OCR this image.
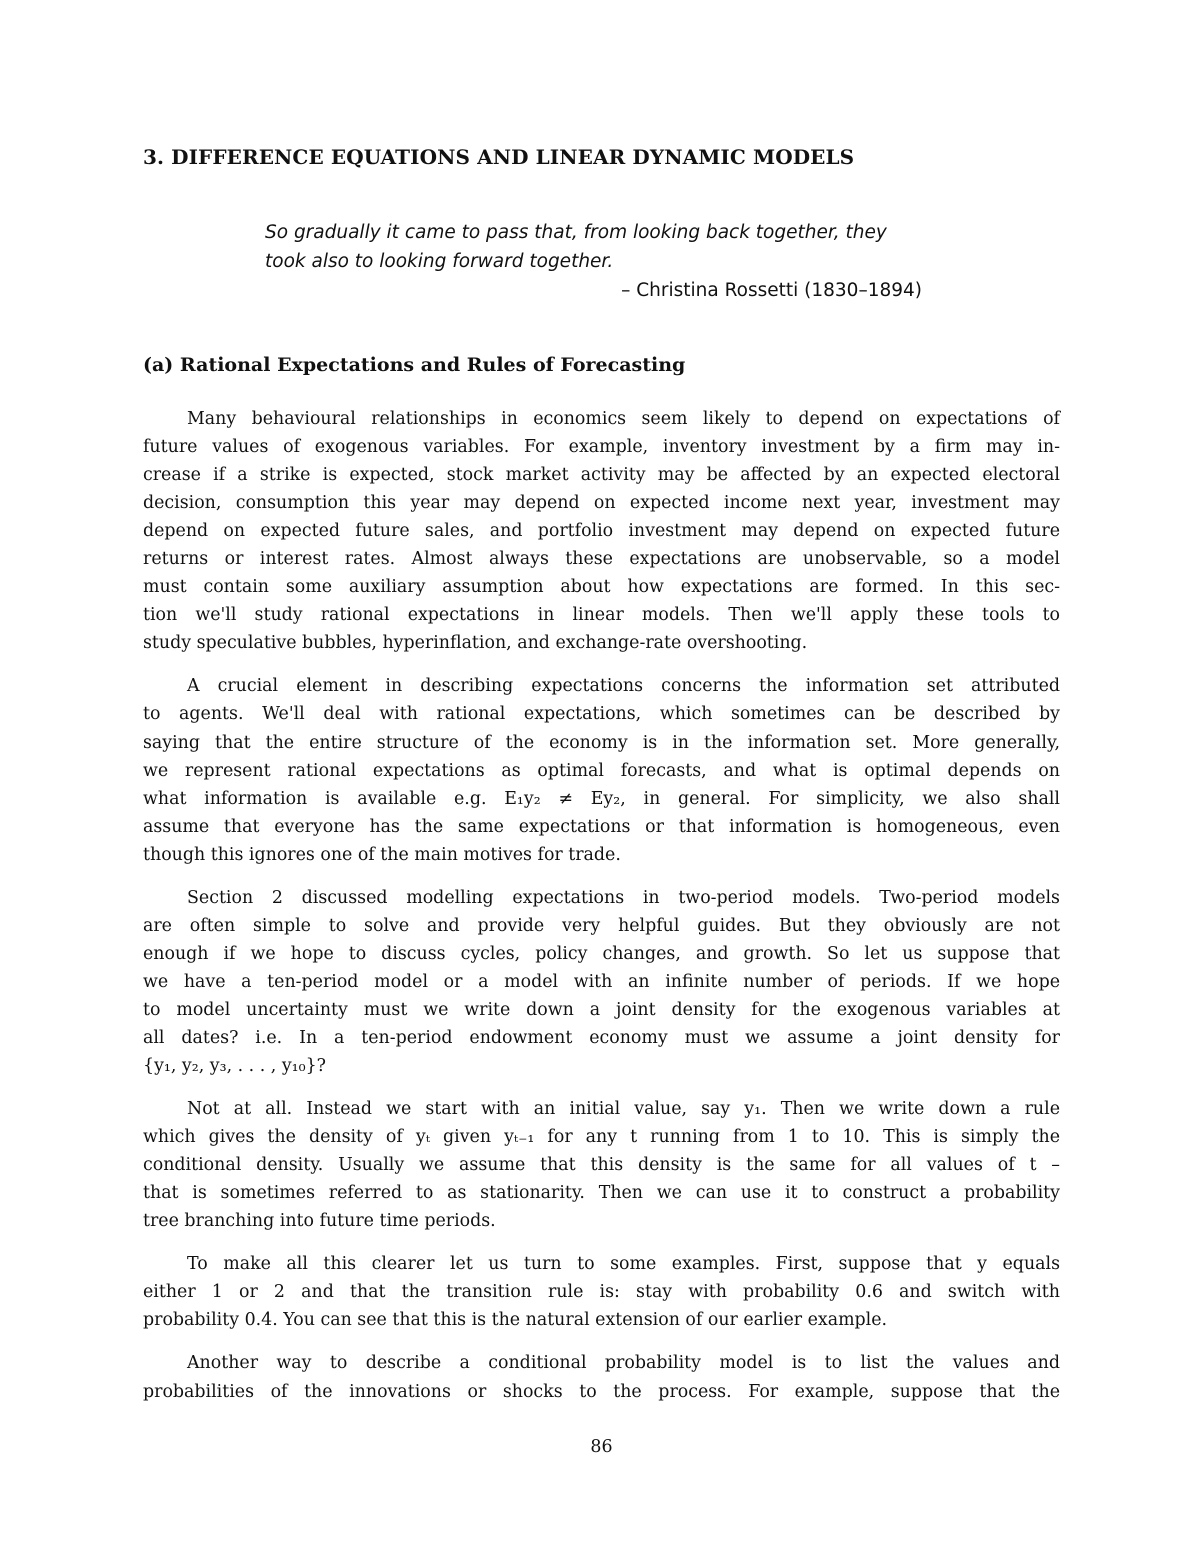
3. DIFFERENCE EQUATIONS AND LINEAR DYNAMIC MODELS
So gradually it came to pass that, from looking back together, they
took also to looking forward together.
– Christina Rossetti (1830–1894)
(a) Rational Expectations and Rules of Forecasting

Many behavioural relationships in economics seem likely to depend on expectations of
future values of exogenous variables. For example, inventory investment by a firm may in-
crease if a strike is expected, stock market activity may be affected by an expected electoral
decision, consumption this year may depend on expected income next year, investment may
depend on expected future sales, and portfolio investment may depend on expected future
returns or interest rates. Almost always these expectations are unobservable, so a model
must contain some auxiliary assumption about how expectations are formed. In this sec-
tion we'll study rational expectations in linear models. Then we'll apply these tools to
study speculative bubbles, hyperinflation, and exchange-rate overshooting.

A crucial element in describing expectations concerns the information set attributed
to agents. We'll deal with rational expectations, which sometimes can be described by
saying that the entire structure of the economy is in the information set. More generally,
we represent rational expectations as optimal forecasts, and what is optimal depends on
what information is available e.g. E₁y₂ ≠ Ey₂, in general. For simplicity, we also shall
assume that everyone has the same expectations or that information is homogeneous, even
though this ignores one of the main motives for trade.

Section 2 discussed modelling expectations in two-period models. Two-period models
are often simple to solve and provide very helpful guides. But they obviously are not
enough if we hope to discuss cycles, policy changes, and growth. So let us suppose that
we have a ten-period model or a model with an infinite number of periods. If we hope
to model uncertainty must we write down a joint density for the exogenous variables at
all dates? i.e. In a ten-period endowment economy must we assume a joint density for
{y₁, y₂, y₃, . . . , y₁₀}?

Not at all. Instead we start with an initial value, say y₁. Then we write down a rule
which gives the density of yₜ given yₜ₋₁ for any t running from 1 to 10. This is simply the
conditional density. Usually we assume that this density is the same for all values of t –
that is sometimes referred to as stationarity. Then we can use it to construct a probability
tree branching into future time periods.

To make all this clearer let us turn to some examples. First, suppose that y equals
either 1 or 2 and that the transition rule is: stay with probability 0.6 and switch with
probability 0.4. You can see that this is the natural extension of our earlier example.

Another way to describe a conditional probability model is to list the values and
probabilities of the innovations or shocks to the process. For example, suppose that the

86
